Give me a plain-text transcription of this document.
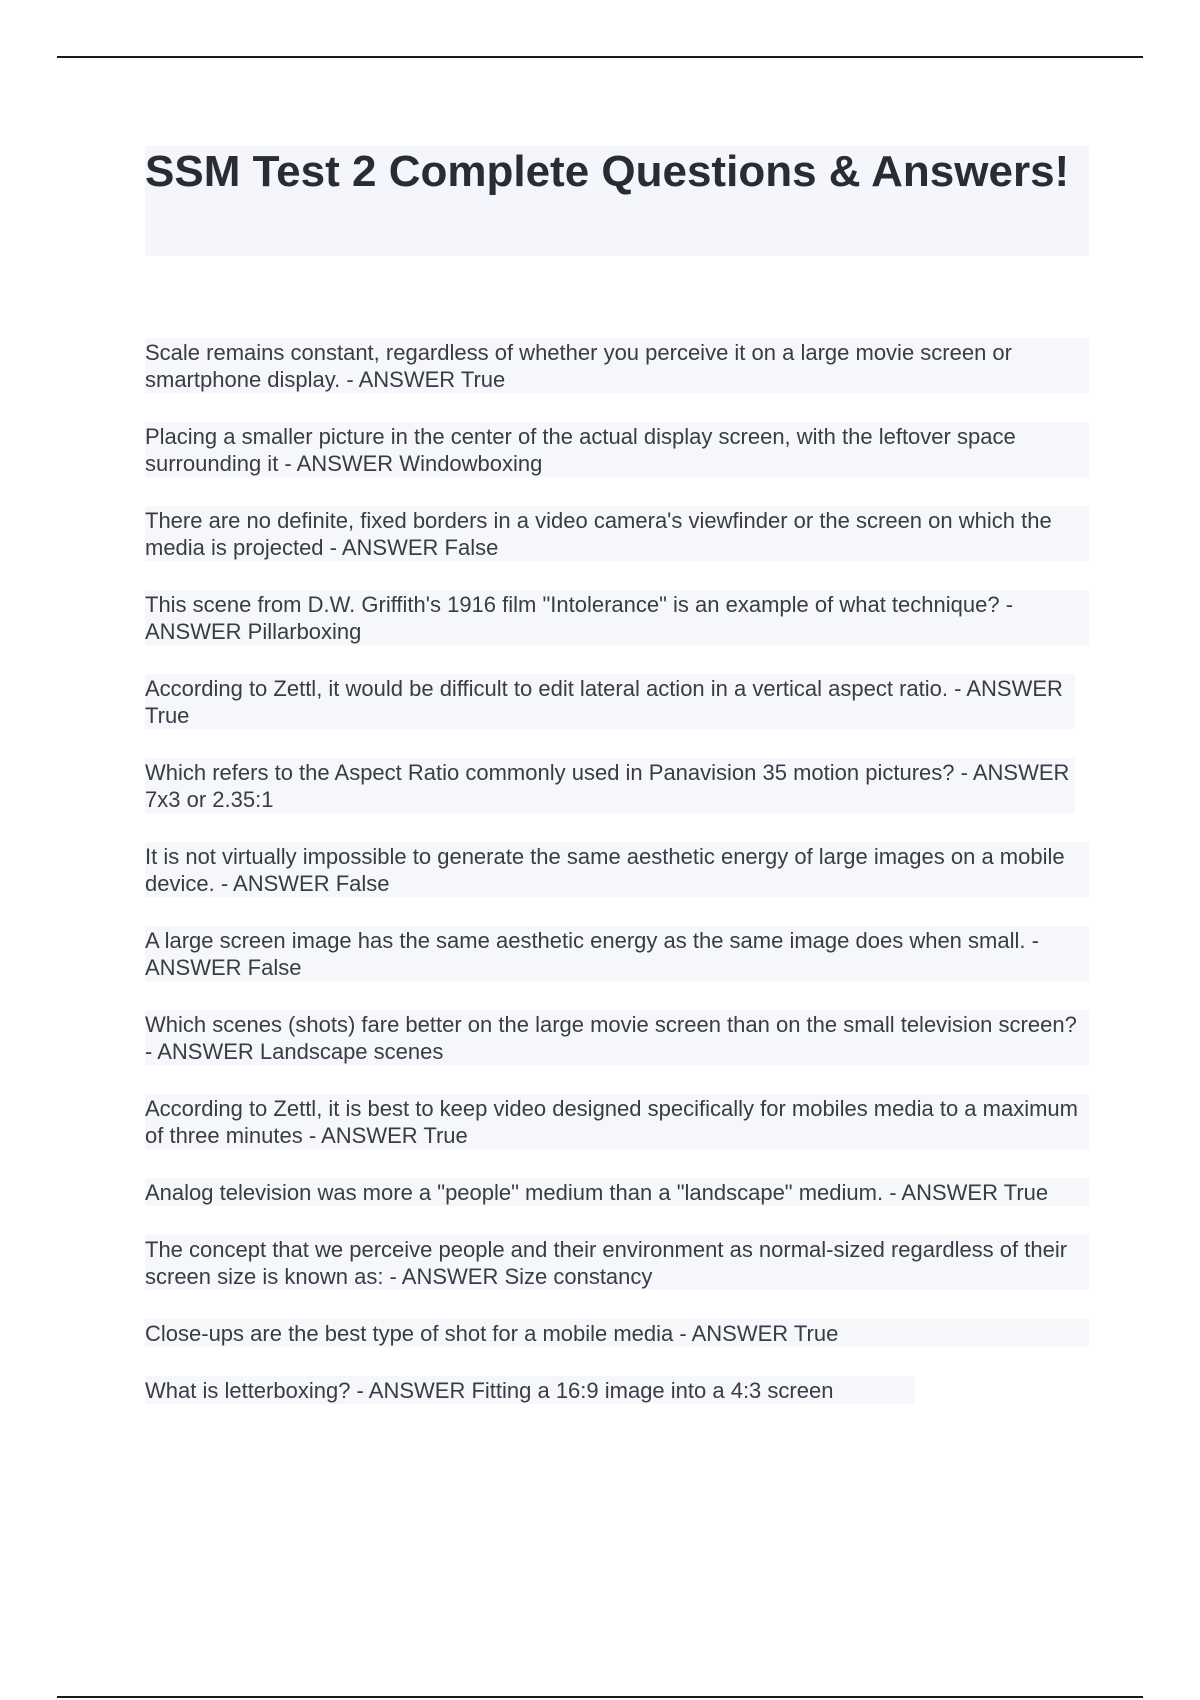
SSM Test 2 Complete Questions & Answers!
Scale remains constant, regardless of whether you perceive it on a large movie screen or smartphone display. - ANSWER True
Placing a smaller picture in the center of the actual display screen, with the leftover space surrounding it - ANSWER Windowboxing
There are no definite, fixed borders in a video camera's viewfinder or the screen on which the media is projected - ANSWER False
This scene from D.W. Griffith's 1916 film "Intolerance" is an example of what technique? - ANSWER Pillarboxing
According to Zettl, it would be difficult to edit lateral action in a vertical aspect ratio. - ANSWER True
Which refers to the Aspect Ratio commonly used in Panavision 35 motion pictures? - ANSWER 7x3 or 2.35:1
It is not virtually impossible to generate the same aesthetic energy of large images on a mobile device. - ANSWER False
A large screen image has the same aesthetic energy as the same image does when small. - ANSWER False
Which scenes (shots) fare better on the large movie screen than on the small television screen? - ANSWER Landscape scenes
According to Zettl, it is best to keep video designed specifically for mobiles media to a maximum of three minutes - ANSWER True
Analog television was more a "people" medium than a "landscape" medium. - ANSWER True
The concept that we perceive people and their environment as normal-sized regardless of their screen size is known as: - ANSWER Size constancy
Close-ups are the best type of shot for a mobile media - ANSWER True
What is letterboxing? - ANSWER Fitting a 16:9 image into a 4:3 screen
